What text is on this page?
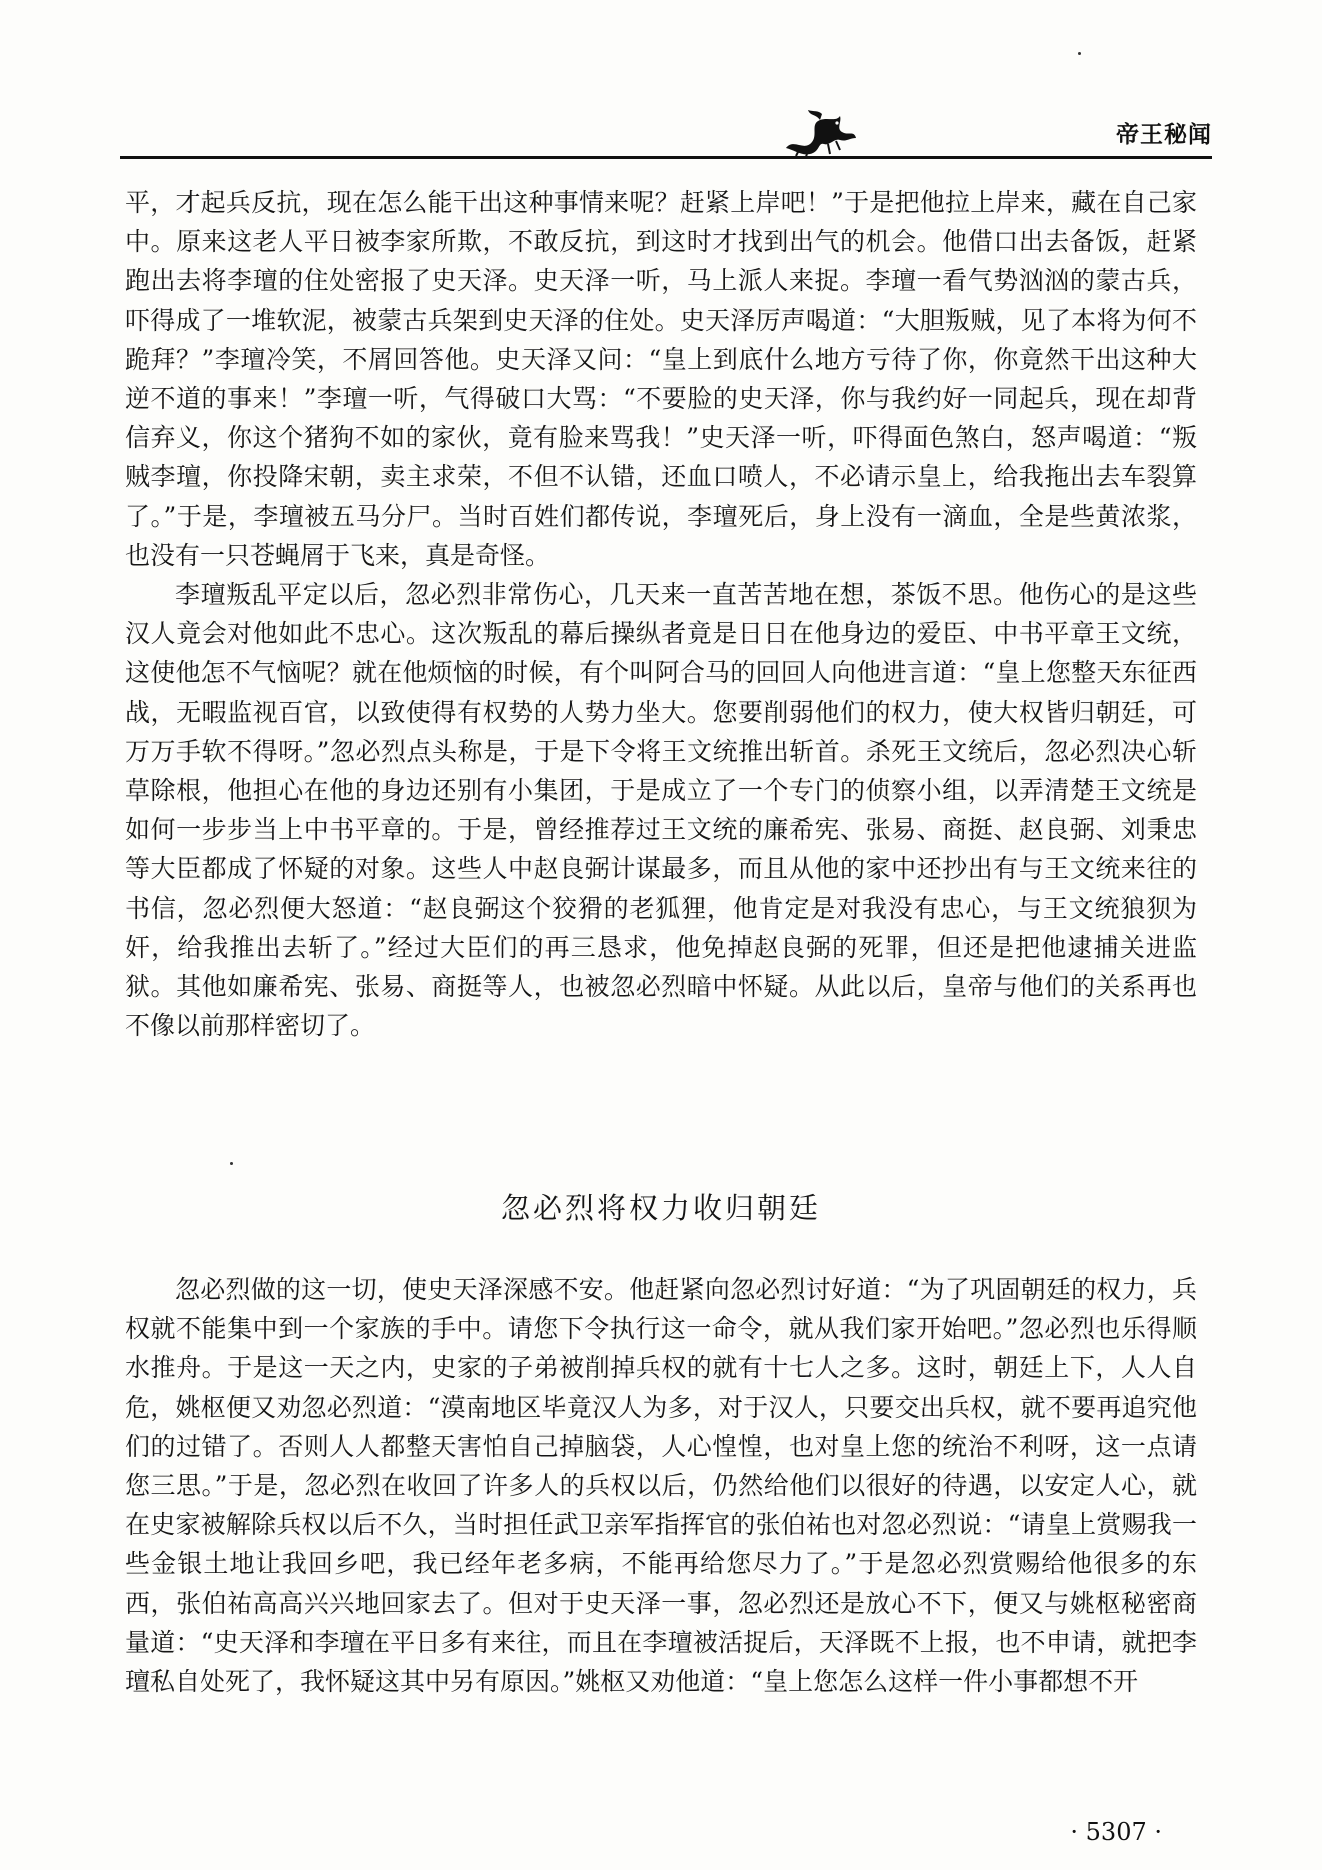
帝王秘闻

平，才起兵反抗，现在怎么能干出这种事情来呢？赶紧上岸吧！”于是把他拉上岸来，藏在自己家中。原来这老人平日被李家所欺，不敢反抗，到这时才找到出气的机会。他借口出去备饭，赶紧跑出去将李璮的住处密报了史天泽。史天泽一听，马上派人来捉。李璮一看气势汹汹的蒙古兵，吓得成了一堆软泥，被蒙古兵架到史天泽的住处。史天泽厉声喝道：“大胆叛贼，见了本将为何不跪拜？”李璮冷笑，不屑回答他。史天泽又问：“皇上到底什么地方亏待了你，你竟然干出这种大逆不道的事来！”李璮一听，气得破口大骂：“不要脸的史天泽，你与我约好一同起兵，现在却背信弃义，你这个猪狗不如的家伙，竟有脸来骂我！”史天泽一听，吓得面色煞白，怒声喝道：“叛贼李璮，你投降宋朝，卖主求荣，不但不认错，还血口喷人，不必请示皇上，给我拖出去车裂算了。”于是，李璮被五马分尸。当时百姓们都传说，李璮死后，身上没有一滴血，全是些黄浓浆，也没有一只苍蝇屑于飞来，真是奇怪。

李璮叛乱平定以后，忽必烈非常伤心，几天来一直苦苦地在想，茶饭不思。他伤心的是这些汉人竟会对他如此不忠心。这次叛乱的幕后操纵者竟是日日在他身边的爱臣、中书平章王文统，这使他怎不气恼呢？就在他烦恼的时候，有个叫阿合马的回回人向他进言道：“皇上您整天东征西战，无暇监视百官，以致使得有权势的人势力坐大。您要削弱他们的权力，使大权皆归朝廷，可万万手软不得呀。”忽必烈点头称是，于是下令将王文统推出斩首。杀死王文统后，忽必烈决心斩草除根，他担心在他的身边还别有小集团，于是成立了一个专门的侦察小组，以弄清楚王文统是如何一步步当上中书平章的。于是，曾经推荐过王文统的廉希宪、张易、商挺、赵良弼、刘秉忠等大臣都成了怀疑的对象。这些人中赵良弼计谋最多，而且从他的家中还抄出有与王文统来往的书信，忽必烈便大怒道：“赵良弼这个狡猾的老狐狸，他肯定是对我没有忠心，与王文统狼狈为奸，给我推出去斩了。”经过大臣们的再三恳求，他免掉赵良弼的死罪，但还是把他逮捕关进监狱。其他如廉希宪、张易、商挺等人，也被忽必烈暗中怀疑。从此以后，皇帝与他们的关系再也不像以前那样密切了。

忽必烈将权力收归朝廷

忽必烈做的这一切，使史天泽深感不安。他赶紧向忽必烈讨好道：“为了巩固朝廷的权力，兵权就不能集中到一个家族的手中。请您下令执行这一命令，就从我们家开始吧。”忽必烈也乐得顺水推舟。于是这一天之内，史家的子弟被削掉兵权的就有十七人之多。这时，朝廷上下，人人自危，姚枢便又劝忽必烈道：“漠南地区毕竟汉人为多，对于汉人，只要交出兵权，就不要再追究他们的过错了。否则人人都整天害怕自己掉脑袋，人心惶惶，也对皇上您的统治不利呀，这一点请您三思。”于是，忽必烈在收回了许多人的兵权以后，仍然给他们以很好的待遇，以安定人心，就在史家被解除兵权以后不久，当时担任武卫亲军指挥官的张伯祐也对忽必烈说：“请皇上赏赐我一些金银土地让我回乡吧，我已经年老多病，不能再给您尽力了。”于是忽必烈赏赐给他很多的东西，张伯祐高高兴兴地回家去了。但对于史天泽一事，忽必烈还是放心不下，便又与姚枢秘密商量道：“史天泽和李璮在平日多有来往，而且在李璮被活捉后，天泽既不上报，也不申请，就把李璮私自处死了，我怀疑这其中另有原因。”姚枢又劝他道：“皇上您怎么这样一件小事都想不开

· 5307 ·
